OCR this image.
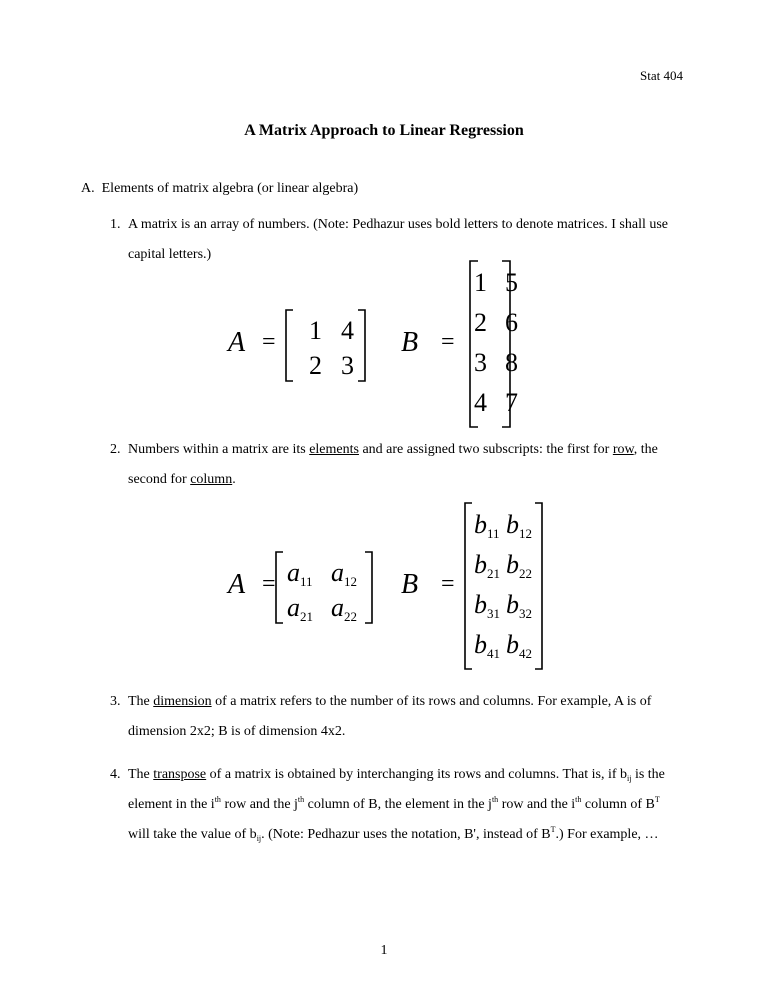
Stat 404
A Matrix Approach to Linear Regression
A. Elements of matrix algebra (or linear algebra)
1. A matrix is an array of numbers. (Note: Pedhazur uses bold letters to denote matrices. I shall use capital letters.)
A = 1 4
2 3
B =
1 5
2 6
3 8
4 7
2. Numbers within a matrix are its elements and are assigned two subscripts: the first for row, the second for column.
A = a11 a12
a21 a22
B =
b11 b12
b21 b22
b31 b32
b41 b42
3. The dimension of a matrix refers to the number of its rows and columns. For example, A is of dimension 2x2; B is of dimension 4x2.
4. The transpose of a matrix is obtained by interchanging its rows and columns. That is, if $b_{ij}$ is the element in the $i^{th}$ row and the $j^{th}$ column of B, the element in the $j^{th}$ row and the $i^{th}$ column of $B^T$ will take the value of $b_{ij}$. (Note: Pedhazur uses the notation, B', instead of $B^T$.) For example, …
1
